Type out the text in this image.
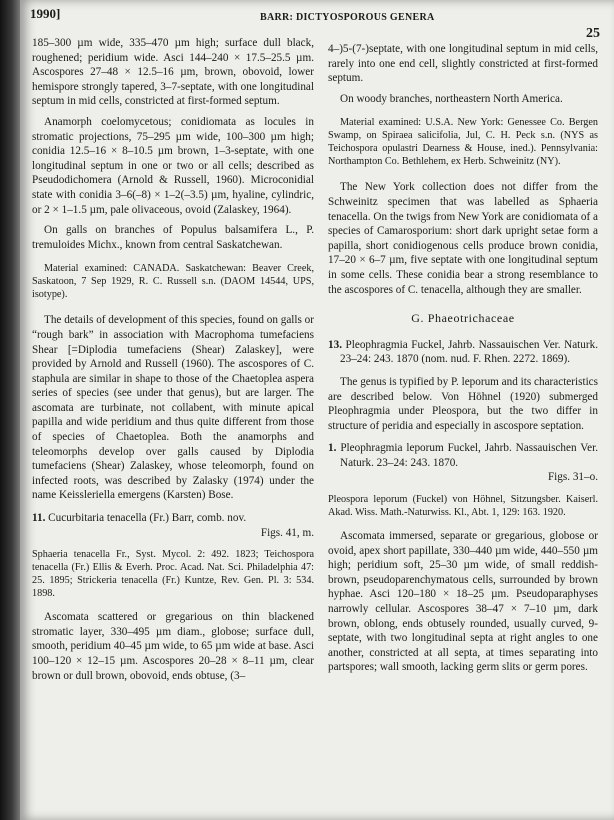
1990]	BARR: DICTYOSPOROUS GENERA
25

185–300 µm wide, 335–470 µm high; surface dull black, roughened; peridium wide. Asci 144–240 × 17.5–25.5 µm. Ascospores 27–48 × 12.5–16 µm, brown, obovoid, lower hemispore strongly tapered, 3–7-septate, with one longitudinal septum in mid cells, constricted at first-formed septum.

Anamorph coelomycetous; conidiomata as locules in stromatic projections, 75–295 µm wide, 100–300 µm high; conidia 12.5–16 × 8–10.5 µm brown, 1–3-septate, with one longitudinal septum in one or two or all cells; described as Pseudodichomera (Arnold & Russell, 1960). Microconidial state with conidia 3–6(–8) × 1–2(–3.5) µm, hyaline, cylindric, or 2 × 1–1.5 µm, pale olivaceous, ovoid (Zalaskey, 1964).

On galls on branches of Populus balsamifera L., P. tremuloides Michx., known from central Saskatchewan.

Material examined: CANADA. Saskatchewan: Beaver Creek, Saskatoon, 7 Sep 1929, R. C. Russell s.n. (DAOM 14544, UPS, isotype).

The details of development of this species, found on galls or “rough bark” in association with Macrophoma tumefaciens Shear [=Diplodia tumefaciens (Shear) Zalaskey], were provided by Arnold and Russell (1960). The ascospores of C. staphula are similar in shape to those of the Chaetoplea aspera series of species (see under that genus), but are larger. The ascomata are turbinate, not collabent, with minute apical papilla and wide peridium and thus quite different from those of species of Chaetoplea. Both the anamorphs and teleomorphs develop over galls caused by Diplodia tumefaciens (Shear) Zalaskey, whose teleomorph, found on infected roots, was described by Zalasky (1974) under the name Keissleriella emergens (Karsten) Bose.

11. Cucurbitaria tenacella (Fr.) Barr, comb. nov.
Figs. 41, m.

Sphaeria tenacella Fr., Syst. Mycol. 2: 492. 1823; Teichospora tenacella (Fr.) Ellis & Everh. Proc. Acad. Nat. Sci. Philadelphia 47: 25. 1895; Strickeria tenacella (Fr.) Kuntze, Rev. Gen. Pl. 3: 534. 1898.

Ascomata scattered or gregarious on thin blackened stromatic layer, 330–495 µm diam., globose; surface dull, smooth, peridium 40–45 µm wide, to 65 µm wide at base. Asci 100–120 × 12–15 µm. Ascospores 20–28 × 8–11 µm, clear brown or dull brown, obovoid, ends obtuse, (3–

4–)5-(7-)septate, with one longitudinal septum in mid cells, rarely into one end cell, slightly constricted at first-formed septum.

On woody branches, northeastern North America.

Material examined: U.S.A. New York: Genessee Co. Bergen Swamp, on Spiraea salicifolia, Jul, C. H. Peck s.n. (NYS as Teichospora opulastri Dearness & House, ined.). Pennsylvania: Northampton Co. Bethlehem, ex Herb. Schweinitz (NY).

The New York collection does not differ from the Schweinitz specimen that was labelled as Sphaeria tenacella. On the twigs from New York are conidiomata of a species of Camarosporium: short dark upright setae form a papilla, short conidiogenous cells produce brown conidia, 17–20 × 6–7 µm, five septate with one longitudinal septum in some cells. These conidia bear a strong resemblance to the ascospores of C. tenacella, although they are smaller.

G. Phaeotrichaceae

13. Pleophragmia Fuckel, Jahrb. Nassauischen Ver. Naturk. 23–24: 243. 1870 (nom. nud. F. Rhen. 2272. 1869).

The genus is typified by P. leporum and its characteristics are described below. Von Höhnel (1920) submerged Pleophragmia under Pleospora, but the two differ in structure of peridia and especially in ascospore septation.

1. Pleophragmia leporum Fuckel, Jahrb. Nassauischen Ver. Naturk. 23–24: 243. 1870.
Figs. 31–o.

Pleospora leporum (Fuckel) von Höhnel, Sitzungsber. Kaiserl. Akad. Wiss. Math.-Naturwiss. Kl., Abt. 1, 129: 163. 1920.

Ascomata immersed, separate or gregarious, globose or ovoid, apex short papillate, 330–440 µm wide, 440–550 µm high; peridium soft, 25–30 µm wide, of small reddish-brown, pseudoparenchymatous cells, surrounded by brown hyphae. Asci 120–180 × 18–25 µm. Pseudoparaphyses narrowly cellular. Ascospores 38–47 × 7–10 µm, dark brown, oblong, ends obtusely rounded, usually curved, 9-septate, with two longitudinal septa at right angles to one another, constricted at all septa, at times separating into partspores; wall smooth, lacking germ slits or germ pores.
